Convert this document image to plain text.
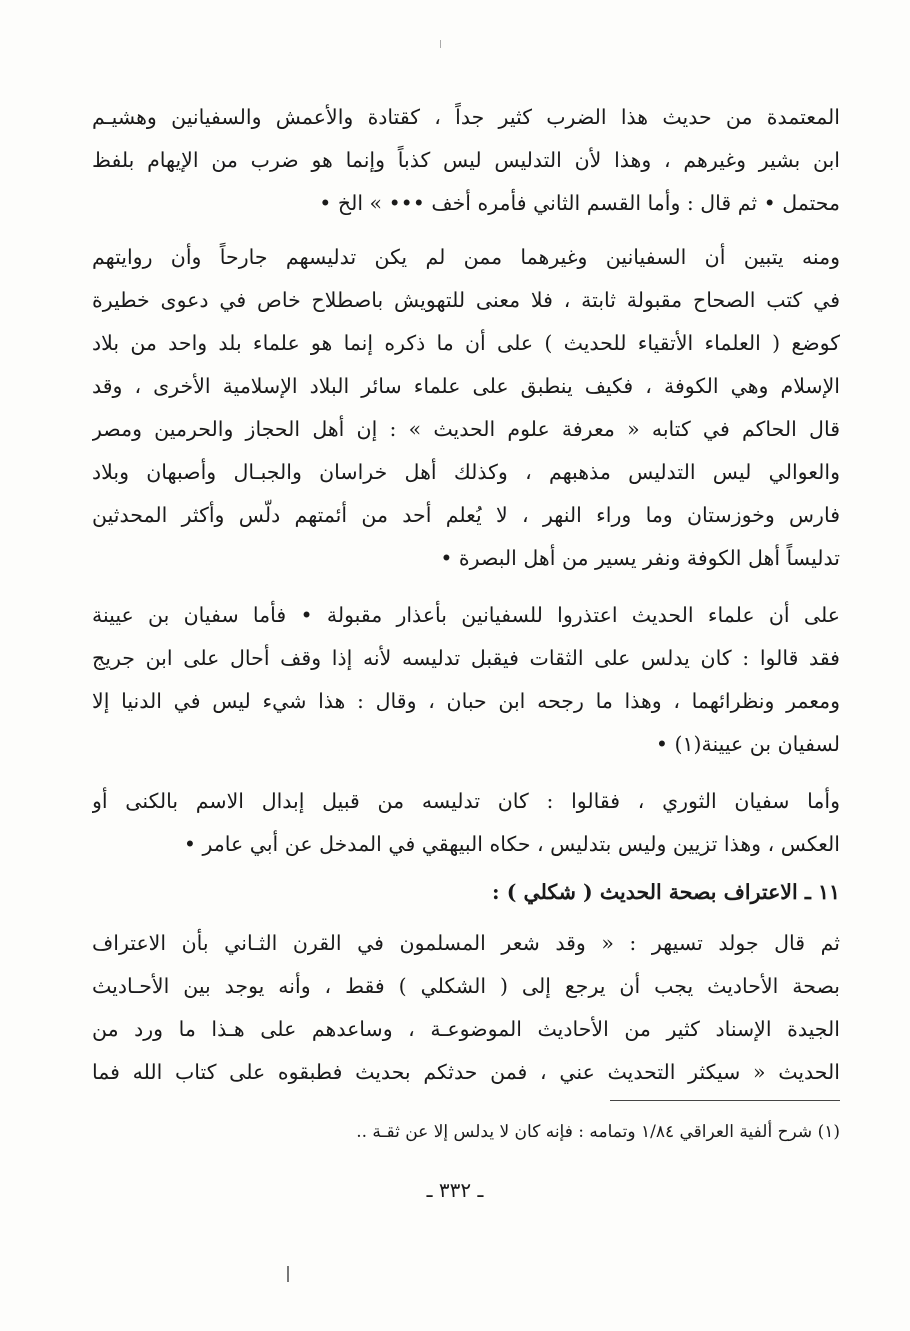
المعتمدة من حديث هذا الضرب كثير جداً ، كقتادة والأعمش والسفيانين وهشيـم
ابن بشير وغيرهم ، وهذا لأن التدليس ليس كذباً وإنما هو ضرب من الإيهام بلفظ
محتمل • ثم قال : وأما القسم الثاني فأمره أخف ••• » الخ •
ومنه يتبين أن السفيانين وغيرهما ممن لم يكن تدليسهم جارحاً وأن روايتهم
في كتب الصحاح مقبولة ثابتة ، فلا معنى للتهويش باصطلاح خاص في دعوى خطيرة
كوضع ( العلماء الأتقياء للحديث ) على أن ما ذكره إنما هو علماء بلد واحد من بلاد
الإسلام وهي الكوفة ، فكيف ينطبق على علماء سائر البلاد الإسلامية الأخرى ، وقد
قال الحاكم في كتابه « معرفة علوم الحديث » : إن أهل الحجاز والحرمين ومصر
والعوالي ليس التدليس مذهبهم ، وكذلك أهل خراسان والجبـال وأصبهان وبلاد
فارس وخوزستان وما وراء النهر ، لا يُعلم أحد من أئمتهم دلّس وأكثر المحدثين
تدليساً أهل الكوفة ونفر يسير من أهل البصرة •
على أن علماء الحديث اعتذروا للسفيانين بأعذار مقبولة • فأما سفيان بن عيينة
فقد قالوا : كان يدلس على الثقات فيقبل تدليسه لأنه إذا وقف أحال على ابن جريج
ومعمر ونظرائهما ، وهذا ما رجحه ابن حبان ، وقال : هذا شيء ليس في الدنيا إلا
لسفيان بن عيينة(١) •
وأما سفيان الثوري ، فقالوا : كان تدليسه من قبيل إبدال الاسم بالكنى أو
العكس ، وهذا تزيين وليس بتدليس ، حكاه البيهقي في المدخل عن أبي عامر •
١١ ـ الاعتراف بصحة الحديث ( شكلي ) :
ثم قال جولد تسيهر : « وقد شعر المسلمون في القرن الثـاني بأن الاعتراف
بصحة الأحاديث يجب أن يرجع إلى ( الشكلي ) فقط ، وأنه يوجد بين الأحـاديث
الجيدة الإسناد كثير من الأحاديث الموضوعـة ، وساعدهم على هـذا ما ورد من
الحديث « سيكثر التحديث عني ، فمن حدثكم بحديث فطبقوه على كتاب الله فما
(١) شرح ألفية العراقي ١/٨٤ وتمامه : فإنه كان لا يدلس إلا عن ثقـة ..
ـ ٣٣٢ ـ
